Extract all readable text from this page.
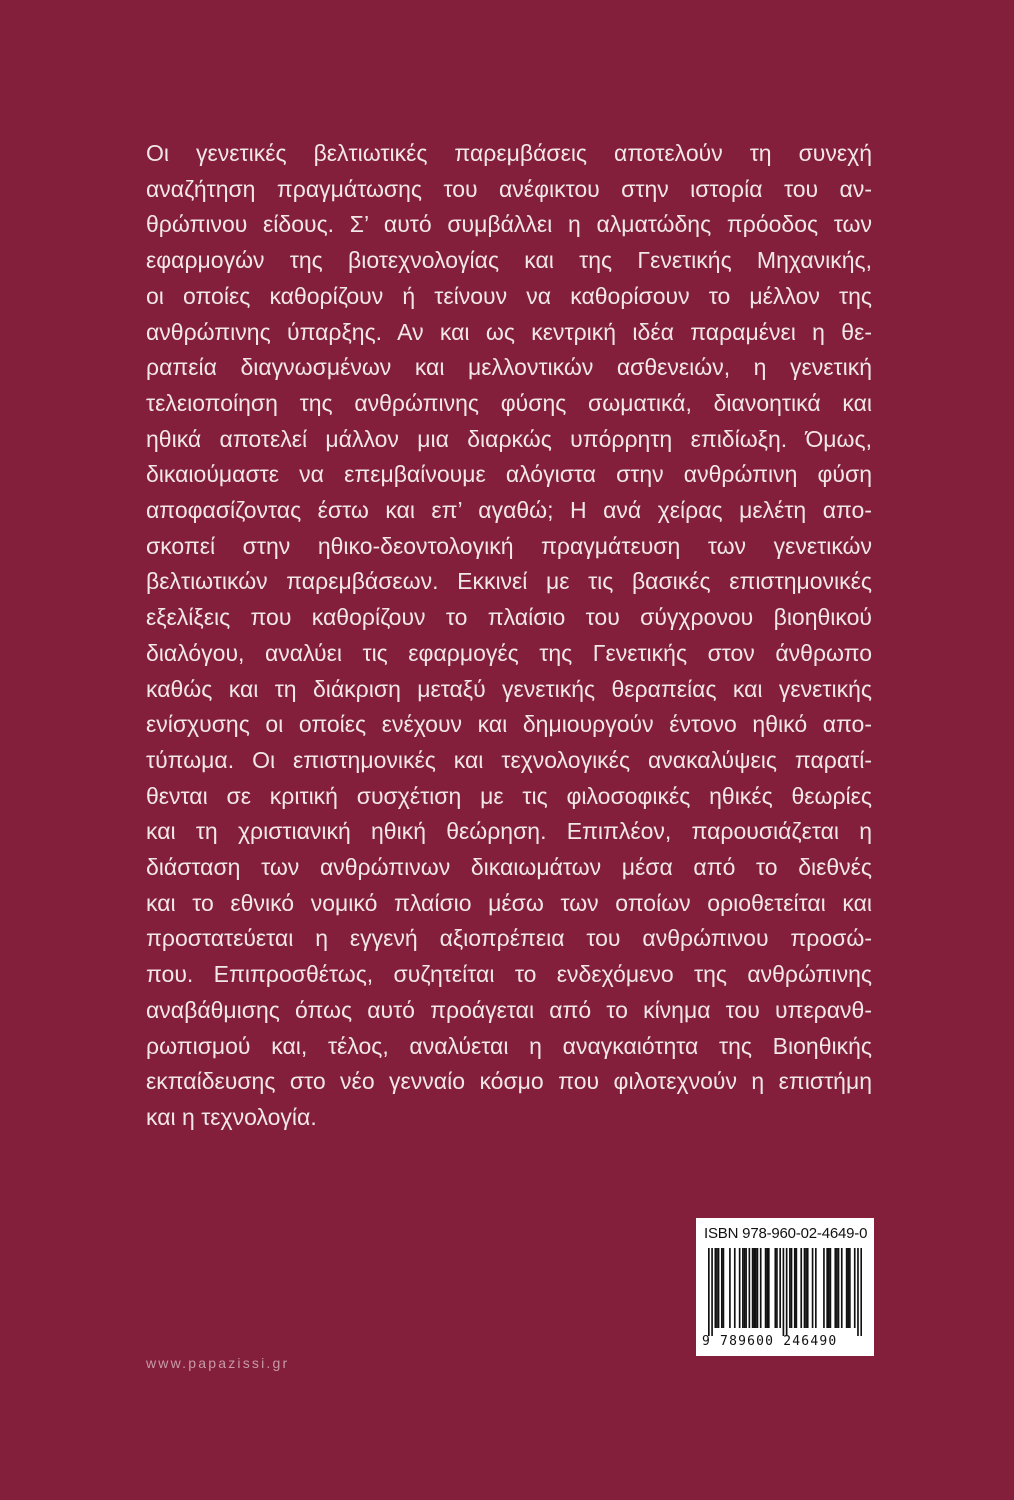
Οι γενετικές βελτιωτικές παρεμβάσεις αποτελούν τη συνεχή
αναζήτηση πραγμάτωσης του ανέφικτου στην ιστορία του αν-
θρώπινου είδους. Σ’ αυτό συμβάλλει η αλματώδης πρόοδος των
εφαρμογών της βιοτεχνολογίας και της Γενετικής Μηχανικής,
οι οποίες καθορίζουν ή τείνουν να καθορίσουν το μέλλον της
ανθρώπινης ύπαρξης. Αν και ως κεντρική ιδέα παραμένει η θε-
ραπεία διαγνωσμένων και μελλοντικών ασθενειών, η γενετική
τελειοποίηση της ανθρώπινης φύσης σωματικά, διανοητικά και
ηθικά αποτελεί μάλλον μια διαρκώς υπόρρητη επιδίωξη. Όμως,
δικαιούμαστε να επεμβαίνουμε αλόγιστα στην ανθρώπινη φύση
αποφασίζοντας έστω και επ’ αγαθώ; Η ανά χείρας μελέτη απο-
σκοπεί στην ηθικο-δεοντολογική πραγμάτευση των γενετικών
βελτιωτικών παρεμβάσεων. Εκκινεί με τις βασικές επιστημονικές
εξελίξεις που καθορίζουν το πλαίσιο του σύγχρονου βιοηθικού
διαλόγου, αναλύει τις εφαρμογές της Γενετικής στον άνθρωπο
καθώς και τη διάκριση μεταξύ γενετικής θεραπείας και γενετικής
ενίσχυσης οι οποίες ενέχουν και δημιουργούν έντονο ηθικό απο-
τύπωμα. Οι επιστημονικές και τεχνολογικές ανακαλύψεις παρατί-
θενται σε κριτική συσχέτιση με τις φιλοσοφικές ηθικές θεωρίες
και τη χριστιανική ηθική θεώρηση. Επιπλέον, παρουσιάζεται η
διάσταση των ανθρώπινων δικαιωμάτων μέσα από το διεθνές
και το εθνικό νομικό πλαίσιο μέσω των οποίων οριοθετείται και
προστατεύεται η εγγενή αξιοπρέπεια του ανθρώπινου προσώ-
που. Επιπροσθέτως, συζητείται το ενδεχόμενο της ανθρώπινης
αναβάθμισης όπως αυτό προάγεται από το κίνημα του υπερανθ-
ρωπισμού και, τέλος, αναλύεται η αναγκαιότητα της Βιοηθικής
εκπαίδευσης στο νέο γενναίο κόσμο που φιλοτεχνούν η επιστήμη
και η τεχνολογία.
ISBN 978-960-02-4649-0
9 789600 246490
www.papazissi.gr
